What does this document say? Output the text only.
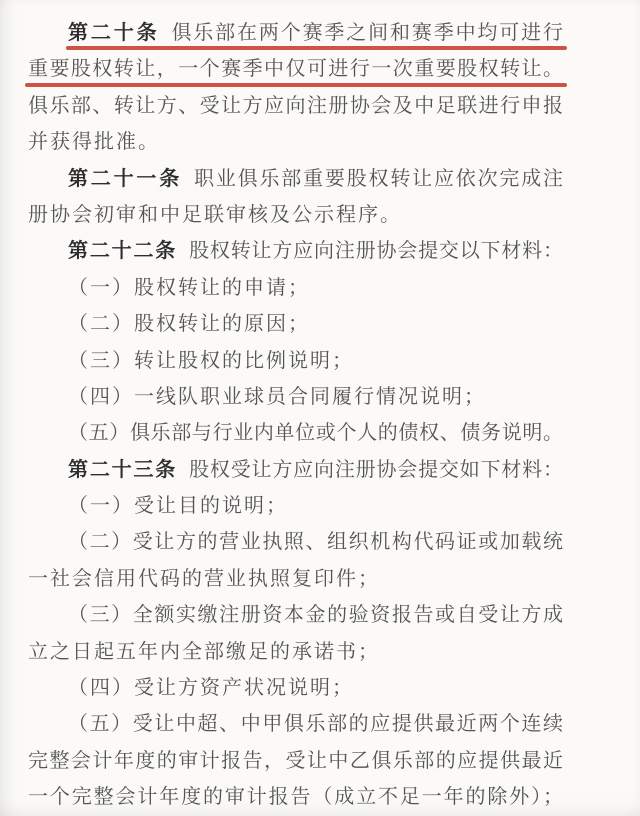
第二十条 俱乐部在两个赛季之间和赛季中均可进行
重要股权转让，一个赛季中仅可进行一次重要股权转让。
俱乐部、转让方、受让方应向注册协会及中足联进行申报
并获得批准。
第二十一条 职业俱乐部重要股权转让应依次完成注
册协会初审和中足联审核及公示程序。
第二十二条 股权转让方应向注册协会提交以下材料：
（一）股权转让的申请；
（二）股权转让的原因；
（三）转让股权的比例说明；
（四）一线队职业球员合同履行情况说明；
（五）俱乐部与行业内单位或个人的债权、债务说明。
第二十三条 股权受让方应向注册协会提交如下材料：
（一）受让目的说明；
（二）受让方的营业执照、组织机构代码证或加载统
一社会信用代码的营业执照复印件；
（三）全额实缴注册资本金的验资报告或自受让方成
立之日起五年内全部缴足的承诺书；
（四）受让方资产状况说明；
（五）受让中超、中甲俱乐部的应提供最近两个连续
完整会计年度的审计报告，受让中乙俱乐部的应提供最近
一个完整会计年度的审计报告（成立不足一年的除外）；
